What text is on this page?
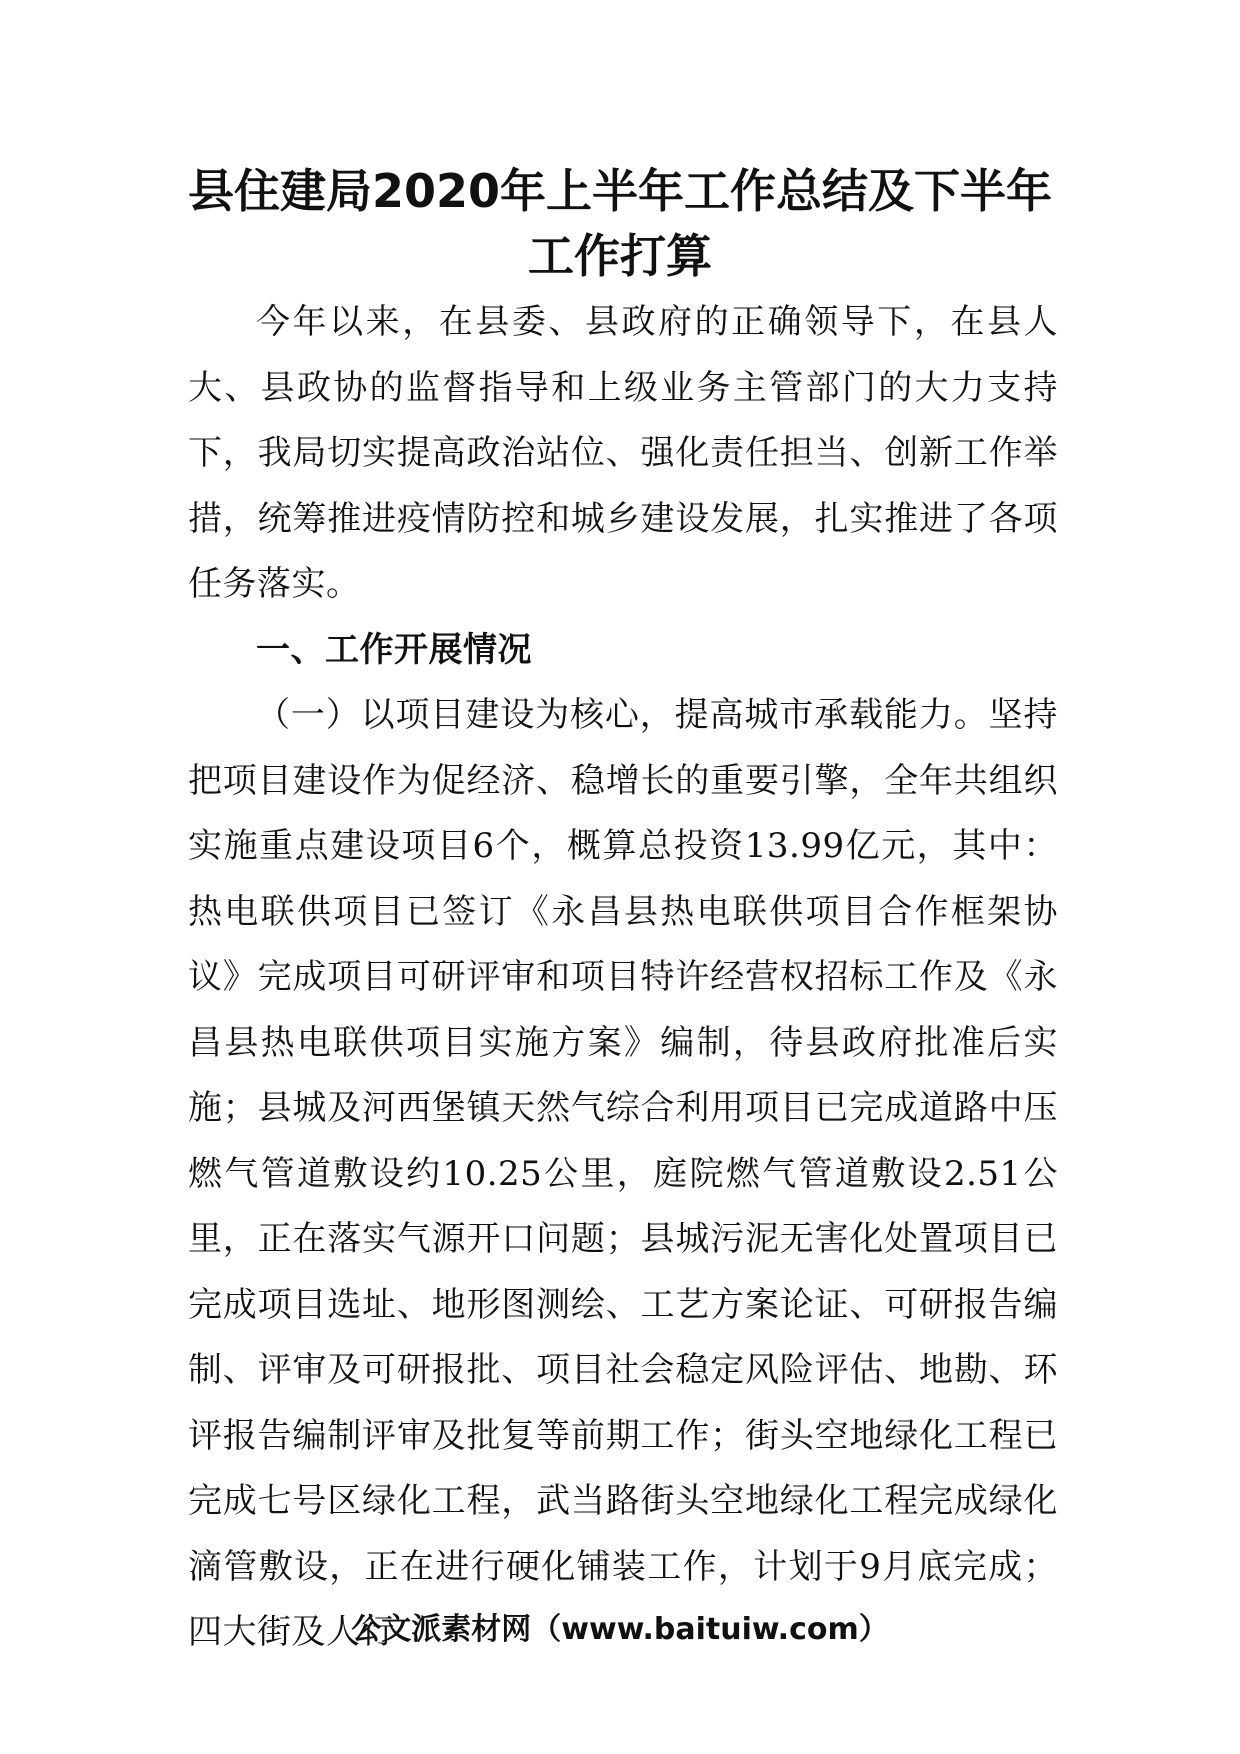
县住建局2020年上半年工作总结及下半年
工作打算

今年以来，在县委、县政府的正确领导下，在县人大、县政协的监督指导和上级业务主管部门的大力支持下，我局切实提高政治站位、强化责任担当、创新工作举措，统筹推进疫情防控和城乡建设发展，扎实推进了各项任务落实。

一、工作开展情况

（一）以项目建设为核心，提高城市承载能力。坚持把项目建设作为促经济、稳增长的重要引擎，全年共组织实施重点建设项目6个，概算总投资13.99亿元，其中：热电联供项目已签订《永昌县热电联供项目合作框架协议》完成项目可研评审和项目特许经营权招标工作及《永昌县热电联供项目实施方案》编制，待县政府批准后实施；县城及河西堡镇天然气综合利用项目已完成道路中压燃气管道敷设约10.25公里，庭院燃气管道敷设2.51公里，正在落实气源开口问题；县城污泥无害化处置项目已完成项目选址、地形图测绘、工艺方案论证、可研报告编制、评审及可研报批、项目社会稳定风险评估、地勘、环评报告编制评审及批复等前期工作；街头空地绿化工程已完成七号区绿化工程，武当路街头空地绿化工程完成绿化滴管敷设，正在进行硬化铺装工作，计划于9月底完成；四大街及人行

公文派素材网（www.baituiw.com）
